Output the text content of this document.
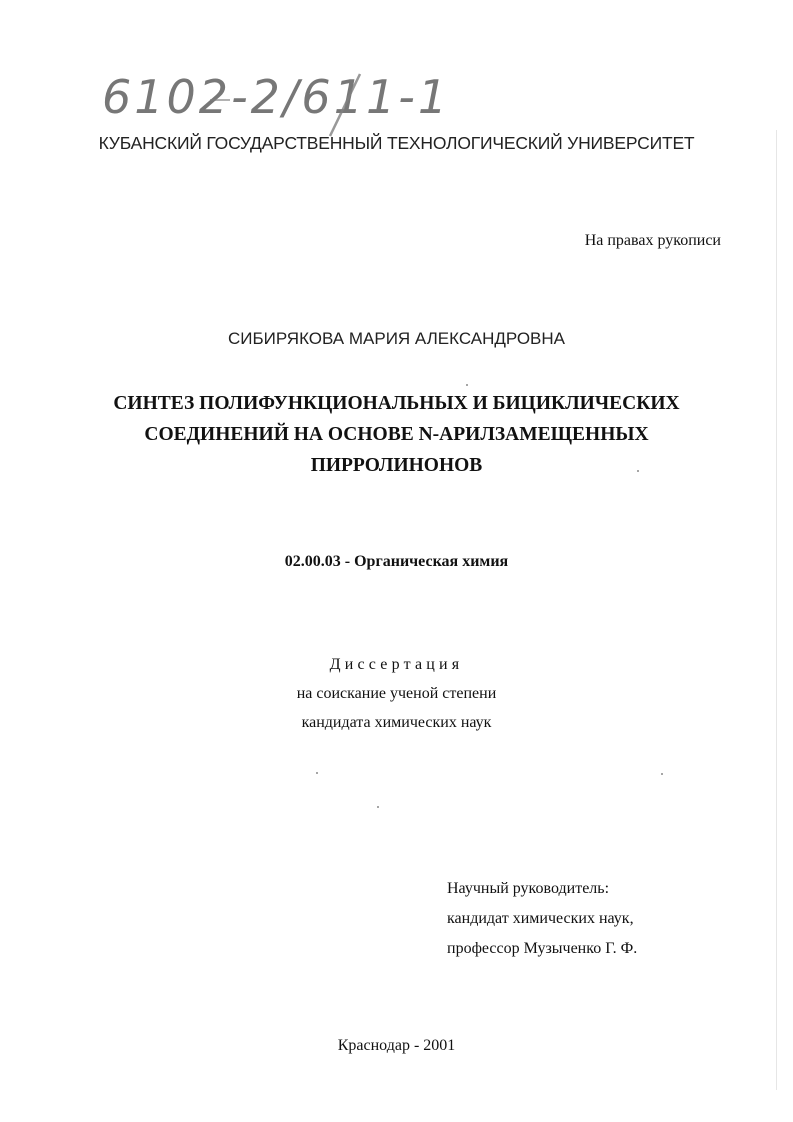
6102-2/611-1
КУБАНСКИЙ ГОСУДАРСТВЕННЫЙ ТЕХНОЛОГИЧЕСКИЙ УНИВЕРСИТЕТ
На правах рукописи
СИБИРЯКОВА МАРИЯ АЛЕКСАНДРОВНА
СИНТЕЗ ПОЛИФУНКЦИОНАЛЬНЫХ И БИЦИКЛИЧЕСКИХ
СОЕДИНЕНИЙ НА ОСНОВЕ N-АРИЛЗАМЕЩЕННЫХ
ПИРРОЛИНОНОВ
02.00.03 - Органическая химия
Диссертация
на соискание ученой степени
кандидата химических наук
Научный руководитель:
кандидат химических наук,
профессор Музыченко Г. Ф.
Краснодар - 2001
